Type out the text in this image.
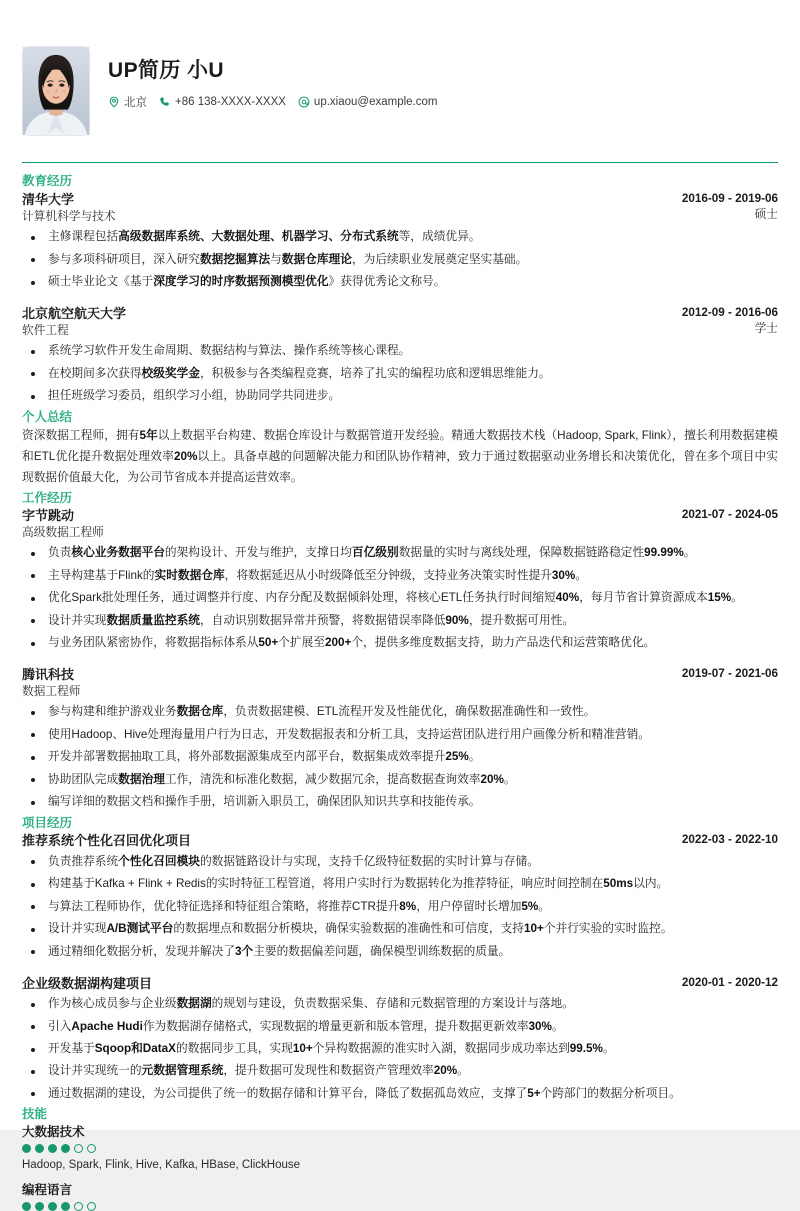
UP简历 小U
北京 +86 138-XXXX-XXXX up.xiaou@example.com
教育经历
清华大学
计算机科学与技术
2016-09 - 2019-06
硕士
主修课程包括高级数据库系统、大数据处理、机器学习、分布式系统等，成绩优异。
参与多项科研项目，深入研究数据挖掘算法与数据仓库理论，为后续职业发展奠定坚实基础。
硕士毕业论文《基于深度学习的时序数据预测模型优化》获得优秀论文称号。
北京航空航天大学
软件工程
2012-09 - 2016-06
学士
系统学习软件开发生命周期、数据结构与算法、操作系统等核心课程。
在校期间多次获得校级奖学金，积极参与各类编程竞赛，培养了扎实的编程功底和逻辑思维能力。
担任班级学习委员，组织学习小组，协助同学共同进步。
个人总结
资深数据工程师，拥有5年以上数据平台构建、数据仓库设计与数据管道开发经验。精通大数据技术栈（Hadoop, Spark, Flink），擅长利用数据建模和ETL优化提升数据处理效率20%以上。具备卓越的问题解决能力和团队协作精神，致力于通过数据驱动业务增长和决策优化，曾在多个项目中实现数据价值最大化，为公司节省成本并提高运营效率。
工作经历
字节跳动
高级数据工程师
2021-07 - 2024-05
负责核心业务数据平台的架构设计、开发与维护，支撑日均百亿级别数据量的实时与离线处理，保障数据链路稳定性99.99%。
主导构建基于Flink的实时数据仓库，将数据延迟从小时级降低至分钟级，支持业务决策实时性提升30%。
优化Spark批处理任务，通过调整并行度、内存分配及数据倾斜处理，将核心ETL任务执行时间缩短40%，每月节省计算资源成本15%。
设计并实现数据质量监控系统，自动识别数据异常并预警，将数据错误率降低90%，提升数据可用性。
与业务团队紧密协作，将数据指标体系从50+个扩展至200+个，提供多维度数据支持，助力产品迭代和运营策略优化。
腾讯科技
数据工程师
2019-07 - 2021-06
参与构建和维护游戏业务数据仓库，负责数据建模、ETL流程开发及性能优化，确保数据准确性和一致性。
使用Hadoop、Hive处理海量用户行为日志，开发数据报表和分析工具，支持运营团队进行用户画像分析和精准营销。
开发并部署数据抽取工具，将外部数据源集成至内部平台，数据集成效率提升25%。
协助团队完成数据治理工作，清洗和标准化数据，减少数据冗余，提高数据查询效率20%。
编写详细的数据文档和操作手册，培训新入职员工，确保团队知识共享和技能传承。
项目经历
推荐系统个性化召回优化项目	2022-03 - 2022-10
负责推荐系统个性化召回模块的数据链路设计与实现，支持千亿级特征数据的实时计算与存储。
构建基于Kafka + Flink + Redis的实时特征工程管道，将用户实时行为数据转化为推荐特征，响应时间控制在50ms以内。
与算法工程师协作，优化特征选择和特征组合策略，将推荐CTR提升8%，用户停留时长增加5%。
设计并实现A/B测试平台的数据埋点和数据分析模块，确保实验数据的准确性和可信度，支持10+个并行实验的实时监控。
通过精细化数据分析，发现并解决了3个主要的数据偏差问题，确保模型训练数据的质量。
企业级数据湖构建项目	2020-01 - 2020-12
作为核心成员参与企业级数据湖的规划与建设，负责数据采集、存储和元数据管理的方案设计与落地。
引入Apache Hudi作为数据湖存储格式，实现数据的增量更新和版本管理，提升数据更新效率30%。
开发基于Sqoop和DataX的数据同步工具，实现10+个异构数据源的准实时入湖，数据同步成功率达到99.5%。
设计并实现统一的元数据管理系统，提升数据可发现性和数据资产管理效率20%。
通过数据湖的建设，为公司提供了统一的数据存储和计算平台，降低了数据孤岛效应，支撑了5+个跨部门的数据分析项目。
技能
大数据技术
Hadoop, Spark, Flink, Hive, Kafka, HBase, ClickHouse
编程语言
